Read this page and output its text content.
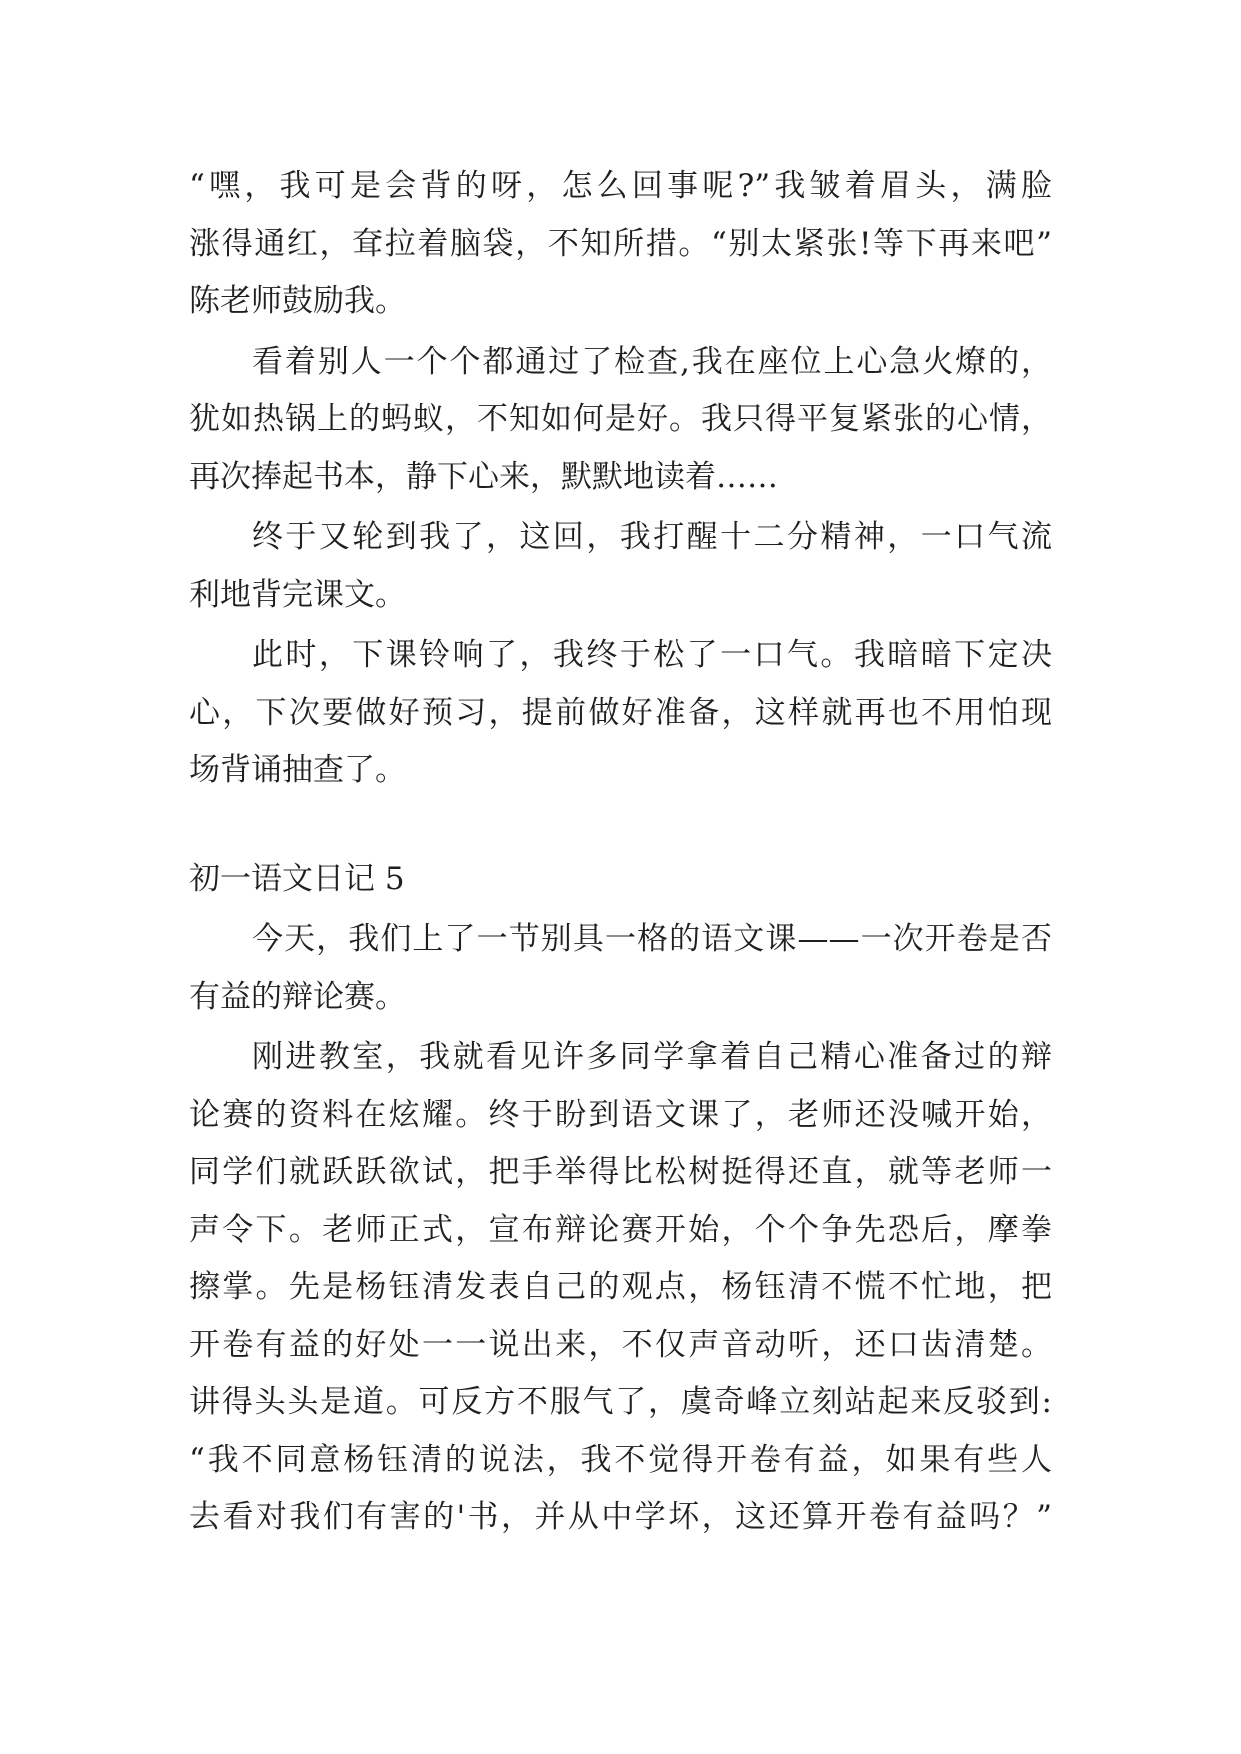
“嘿，我可是会背的呀，怎么回事呢?”我皱着眉头，满脸
涨得通红，耷拉着脑袋，不知所措。“别太紧张!等下再来吧”
陈老师鼓励我。
看着别人一个个都通过了检查,我在座位上心急火燎的，
犹如热锅上的蚂蚁，不知如何是好。我只得平复紧张的心情，
再次捧起书本，静下心来，默默地读着……
终于又轮到我了，这回，我打醒十二分精神，一口气流
利地背完课文。
此时，下课铃响了，我终于松了一口气。我暗暗下定决
心，下次要做好预习，提前做好准备，这样就再也不用怕现
场背诵抽查了。
初一语文日记 5
今天，我们上了一节别具一格的语文课——一次开卷是否
有益的辩论赛。
刚进教室，我就看见许多同学拿着自己精心准备过的辩
论赛的资料在炫耀。终于盼到语文课了，老师还没喊开始，
同学们就跃跃欲试，把手举得比松树挺得还直，就等老师一
声令下。老师正式，宣布辩论赛开始，个个争先恐后，摩拳
擦掌。先是杨钰清发表自己的观点，杨钰清不慌不忙地，把
开卷有益的好处一一说出来，不仅声音动听，还口齿清楚。
讲得头头是道。可反方不服气了，虞奇峰立刻站起来反驳到:
“我不同意杨钰清的说法，我不觉得开卷有益，如果有些人
去看对我们有害的'书，并从中学坏，这还算开卷有益吗？”
